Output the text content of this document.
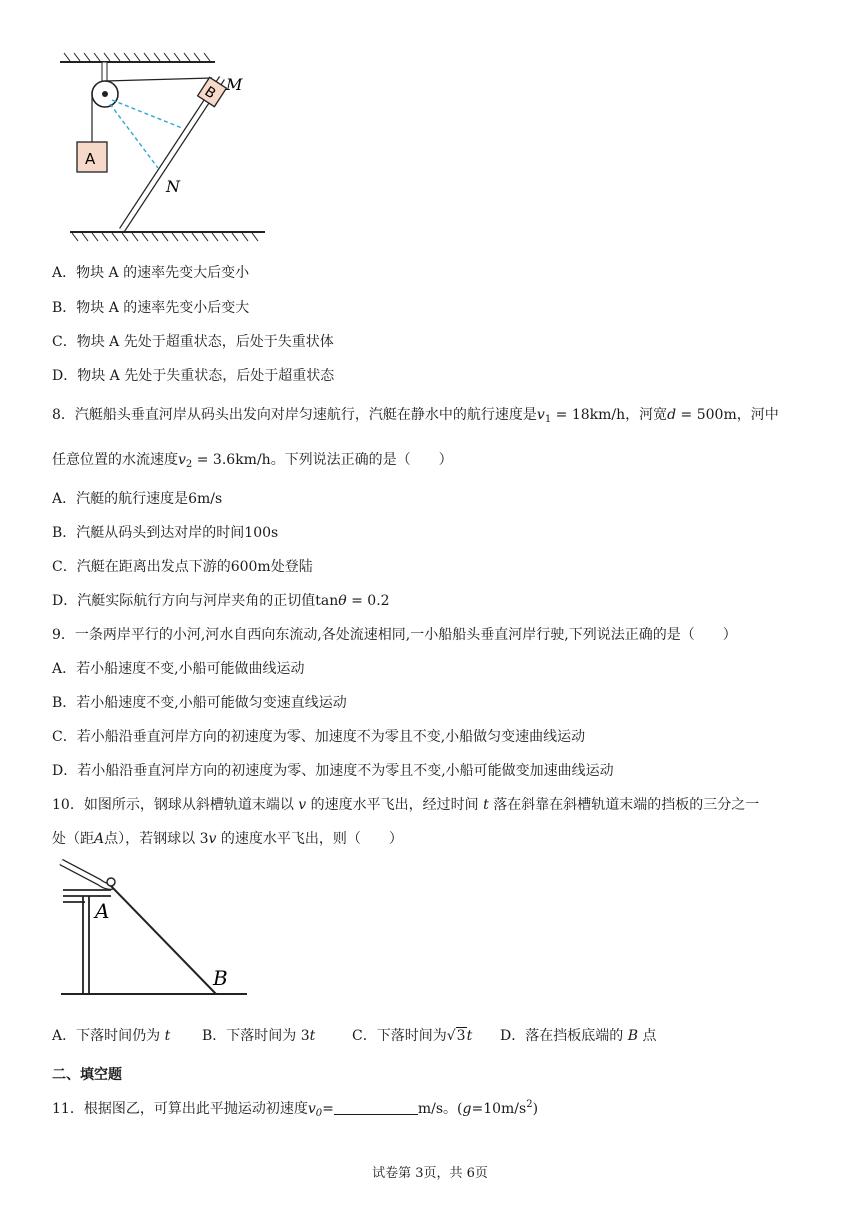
A
B M
N
A．物块 A 的速率先变大后变小
B．物块 A 的速率先变小后变大
C．物块 A 先处于超重状态，后处于失重状体
D．物块 A 先处于失重状态，后处于超重状态
8．汽艇船头垂直河岸从码头出发向对岸匀速航行，汽艇在静水中的航行速度是$v_1 = 18km/h$，河宽d = 500m，河中
任意位置的水流速度$v_2 = 3.6km/h$。下列说法正确的是（　　）
A．汽艇的航行速度是6m/s
B．汽艇从码头到达对岸的时间100s
C．汽艇在距离出发点下游的600m处登陆
D．汽艇实际航行方向与河岸夹角的正切值tanθ = 0.2
9．一条两岸平行的小河,河水自西向东流动,各处流速相同,一小船船头垂直河岸行驶,下列说法正确的是（　　）
A．若小船速度不变,小船可能做曲线运动
B．若小船速度不变,小船可能做匀变速直线运动
C．若小船沿垂直河岸方向的初速度为零、加速度不为零且不变,小船做匀变速曲线运动
D．若小船沿垂直河岸方向的初速度为零、加速度不为零且不变,小船可能做变加速曲线运动
10．如图所示，钢球从斜槽轨道末端以 v 的速度水平飞出，经过时间 t 落在斜靠在斜槽轨道末端的挡板的三分之一
处（距A点），若钢球以 3v 的速度水平飞出，则（　　）
A
B
A．下落时间仍为 t B．下落时间为 3t	C．下落时间为√3t D．落在挡板底端的 B 点
二、填空题
11．根据图乙，可算出此平抛运动初速度$v_0=$	m/s。$(g=10m/s^2)$
试卷第 3页，共 6页
